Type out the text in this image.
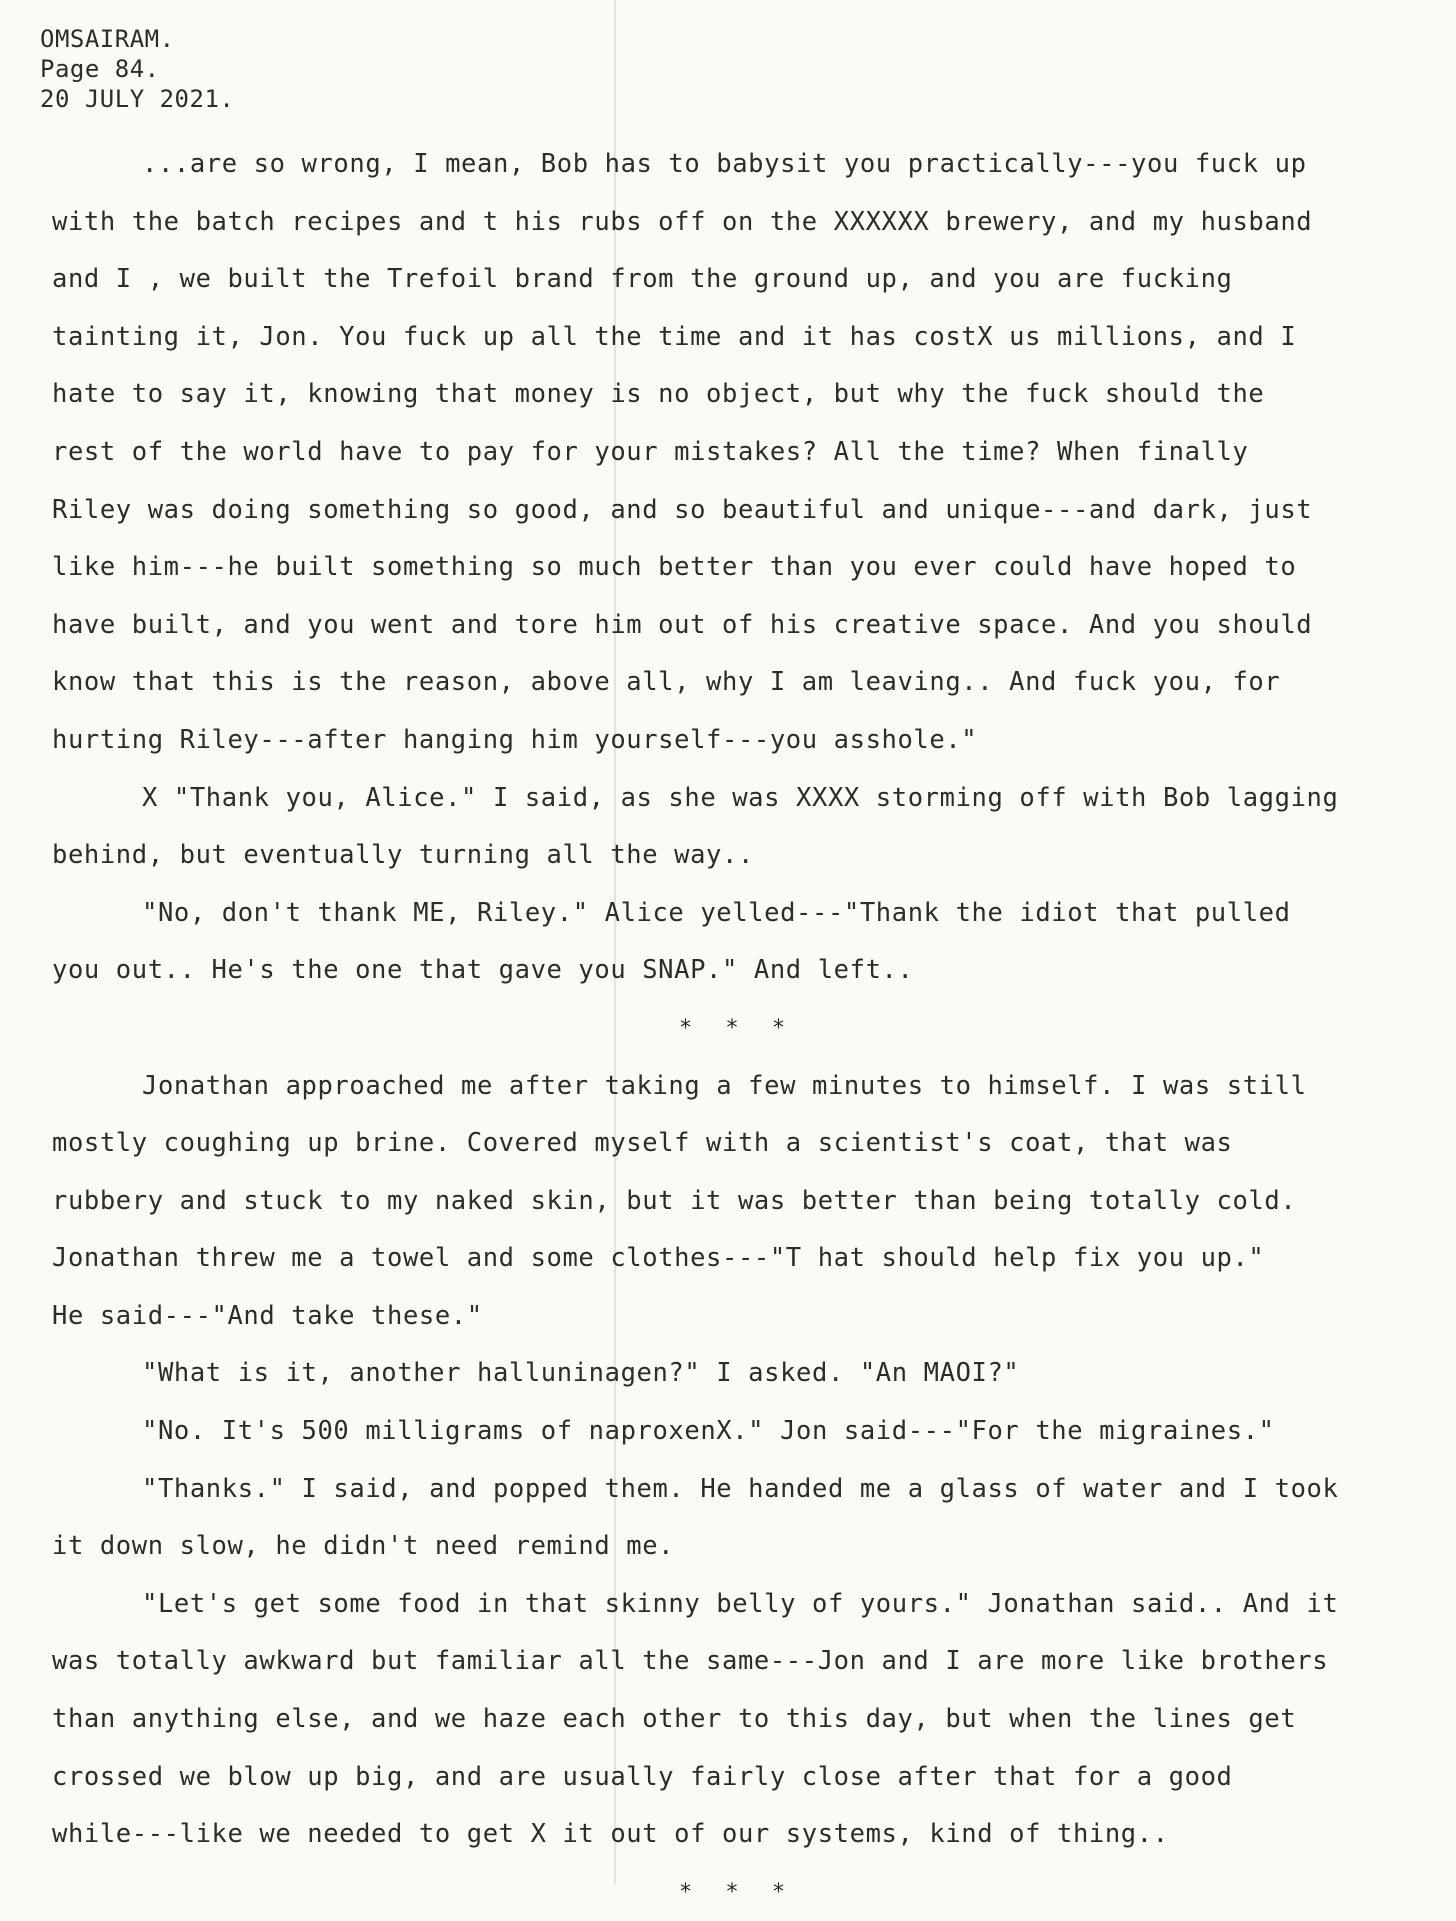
OMSAIRAM.
Page 84.
20 JULY 2021.
...are so wrong, I mean, Bob has to babysit you practically---you fuck up
with the batch recipes and t his rubs off on the XXXXXX brewery, and my husband
and I , we built the Trefoil brand from the ground up, and you are fucking
tainting it, Jon. You fuck up all the time and it has costX us millions, and I
hate to say it, knowing that money is no object, but why the fuck should the
rest of the world have to pay for your mistakes? All the time? When finally
Riley was doing something so good, and so beautiful and unique---and dark, just
like him---he built something so much better than you ever could have hoped to
have built, and you went and tore him out of his creative space. And you should
know that this is the reason, above all, why I am leaving.. And fuck you, for
hurting Riley---after hanging him yourself---you asshole."
X "Thank you, Alice." I said, as she was XXXX storming off with Bob lagging
behind, but eventually turning all the way..
"No, don't thank ME, Riley." Alice yelled---"Thank the idiot that pulled
you out.. He's the one that gave you SNAP." And left..
* * *
Jonathan approached me after taking a few minutes to himself. I was still
mostly coughing up brine. Covered myself with a scientist's coat, that was
rubbery and stuck to my naked skin, but it was better than being totally cold.
Jonathan threw me a towel and some clothes---"T hat should help fix you up."
He said---"And take these."
"What is it, another halluninagen?" I asked. "An MAOI?"
"No. It's 500 milligrams of naproxenX." Jon said---"For the migraines."
"Thanks." I said, and popped them. He handed me a glass of water and I took
it down slow, he didn't need remind me.
"Let's get some food in that skinny belly of yours." Jonathan said.. And it
was totally awkward but familiar all the same---Jon and I are more like brothers
than anything else, and we haze each other to this day, but when the lines get
crossed we blow up big, and are usually fairly close after that for a good
while---like we needed to get X it out of our systems, kind of thing..
* * *
